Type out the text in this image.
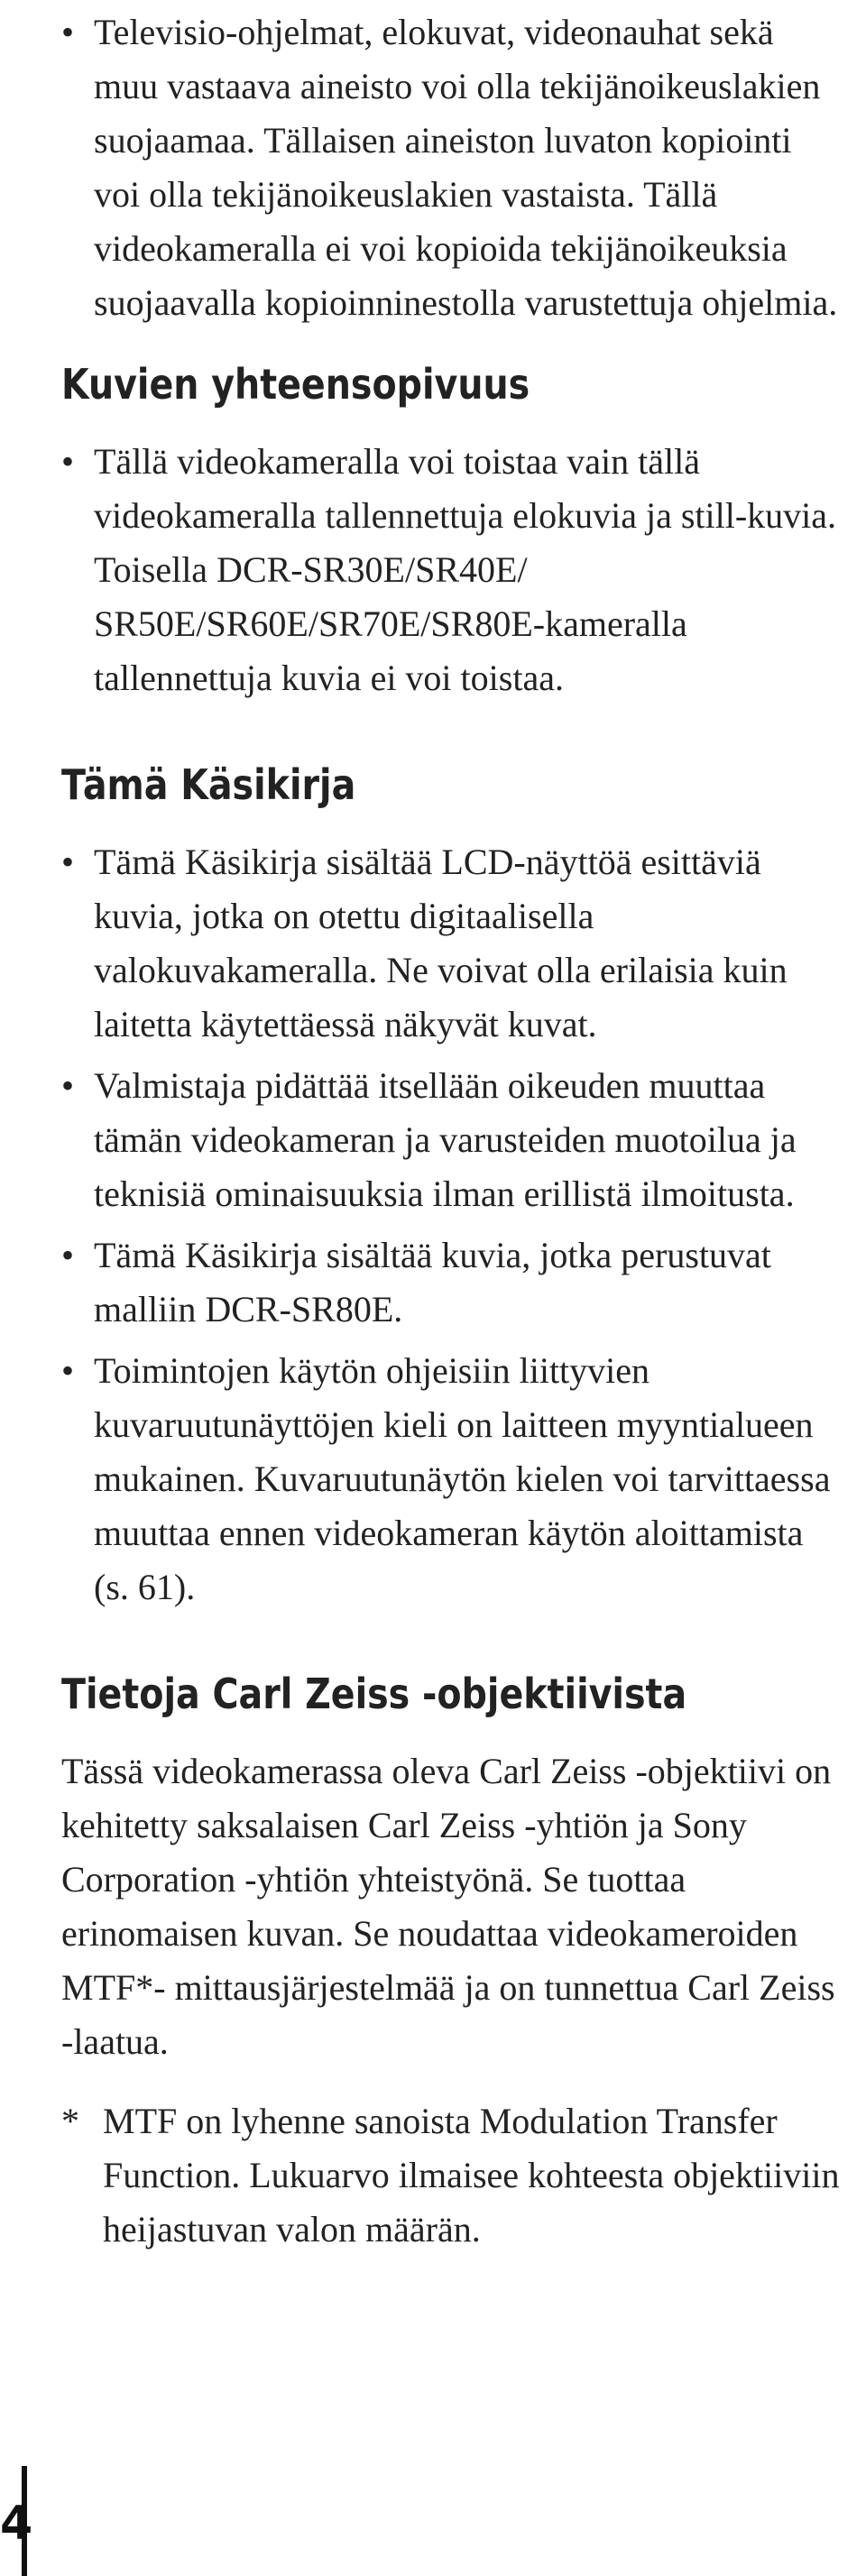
• Televisio-ohjelmat, elokuvat, videonauhat sekä muu vastaava aineisto voi olla tekijänoikeuslakien suojaamaa. Tällaisen aineiston luvaton kopiointi voi olla tekijänoikeuslakien vastaista. Tällä videokameralla ei voi kopioida tekijänoikeuksia suojaavalla kopioinninestolla varustettuja ohjelmia.
Kuvien yhteensopivuus
• Tällä videokameralla voi toistaa vain tällä videokameralla tallennettuja elokuvia ja still-kuvia. Toisella DCR-SR30E/SR40E/ SR50E/SR60E/SR70E/SR80E-kameralla tallennettuja kuvia ei voi toistaa.
Tämä Käsikirja
• Tämä Käsikirja sisältää LCD-näyttöä esittäviä kuvia, jotka on otettu digitaalisella valokuvakameralla. Ne voivat olla erilaisia kuin laitetta käytettäessä näkyvät kuvat.
• Valmistaja pidättää itsellään oikeuden muuttaa tämän videokameran ja varusteiden muotoilua ja teknisiä ominaisuuksia ilman erillistä ilmoitusta.
• Tämä Käsikirja sisältää kuvia, jotka perustuvat malliin DCR-SR80E.
• Toimintojen käytön ohjeisiin liittyvien kuvaruutunäyttöjen kieli on laitteen myyntialueen mukainen. Kuvaruutunäytön kielen voi tarvittaessa muuttaa ennen videokameran käytön aloittamista (s. 61).
Tietoja Carl Zeiss -objektiivista

Tässä videokamerassa oleva Carl Zeiss -objektiivi on kehitetty saksalaisen Carl Zeiss -yhtiön ja Sony Corporation -yhtiön yhteistyönä. Se tuottaa erinomaisen kuvan. Se noudattaa videokameroiden MTF*- mittausjärjestelmää ja on tunnettua Carl Zeiss -laatua.

* MTF on lyhenne sanoista Modulation Transfer Function. Lukuarvo ilmaisee kohteesta objektiiviin heijastuvan valon määrän.

4
